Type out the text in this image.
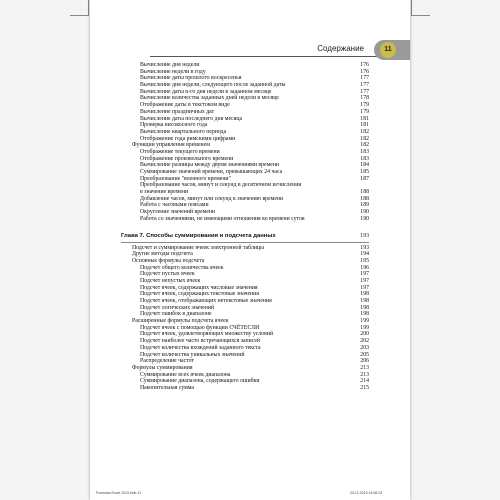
Содержание	11
Вычисление дня недели	176
Вычисление недели в году	176
Вычисление даты прошлого воскресенья	177
Вычисление дня недели, следующего после заданной даты	177
Вычисление даты n-го дня недели в заданном месяце	177
Вычисление количества заданных дней недели в месяце	178
Отображение даты в текстовом виде	179
Вычисление праздничных дат	179
Вычисление даты последнего дня месяца	181
Проверка високосного года	181
Вычисление квартального периода	182
Отображение года римскими цифрами	182
Функции управления временем	182
Отображение текущего времени	183
Отображение произвольного времени	183
Вычисление разницы между двумя значениями времени	184
Суммирование значений времени, превышающих 24 часа	185
Преобразование "военного времени"	187
Преобразование часов, минут и секунд в десятичном исчислении
в значение времени	188
Добавление часов, минут или секунд к значению времени	188
Работа с часовыми поясами	189
Округление значений времени	190
Работа со значениями, не имеющими отношения ко времени суток	190
Глава 7. Способы суммирования и подсчета данных	193
Подсчет и суммирование ячеек электронной таблицы	193
Другие методы подсчета	194
Основные формулы подсчета	195
Подсчет общего количества ячеек	196
Подсчет пустых ячеек	197
Подсчет непустых ячеек	197
Подсчет ячеек, содержащих числовые значения	197
Подсчет ячеек, содержащих текстовые значения	198
Подсчет ячеек, отображающих нетекстовые значения	198
Подсчет логических значений	198
Подсчет ошибок в диапазоне	198
Расширенные формулы подсчета ячеек	199
Подсчет ячеек с помощью функции СЧЁТЕСЛИ	199
Подсчет ячеек, удовлетворяющих множеству условий	200
Подсчет наиболее часто встречающихся записей	202
Подсчет количества вхождений заданного текста	203
Подсчет количества уникальных значений	205
Распределение частот	206
Формулы суммирования	213
Суммирование всех ячеек диапазона	213
Суммирование диапазона, содержащего ошибки	214
Накопительная сумма	215
Formulas Excel 2013.indb 11	23.12.2013 14:06:23
